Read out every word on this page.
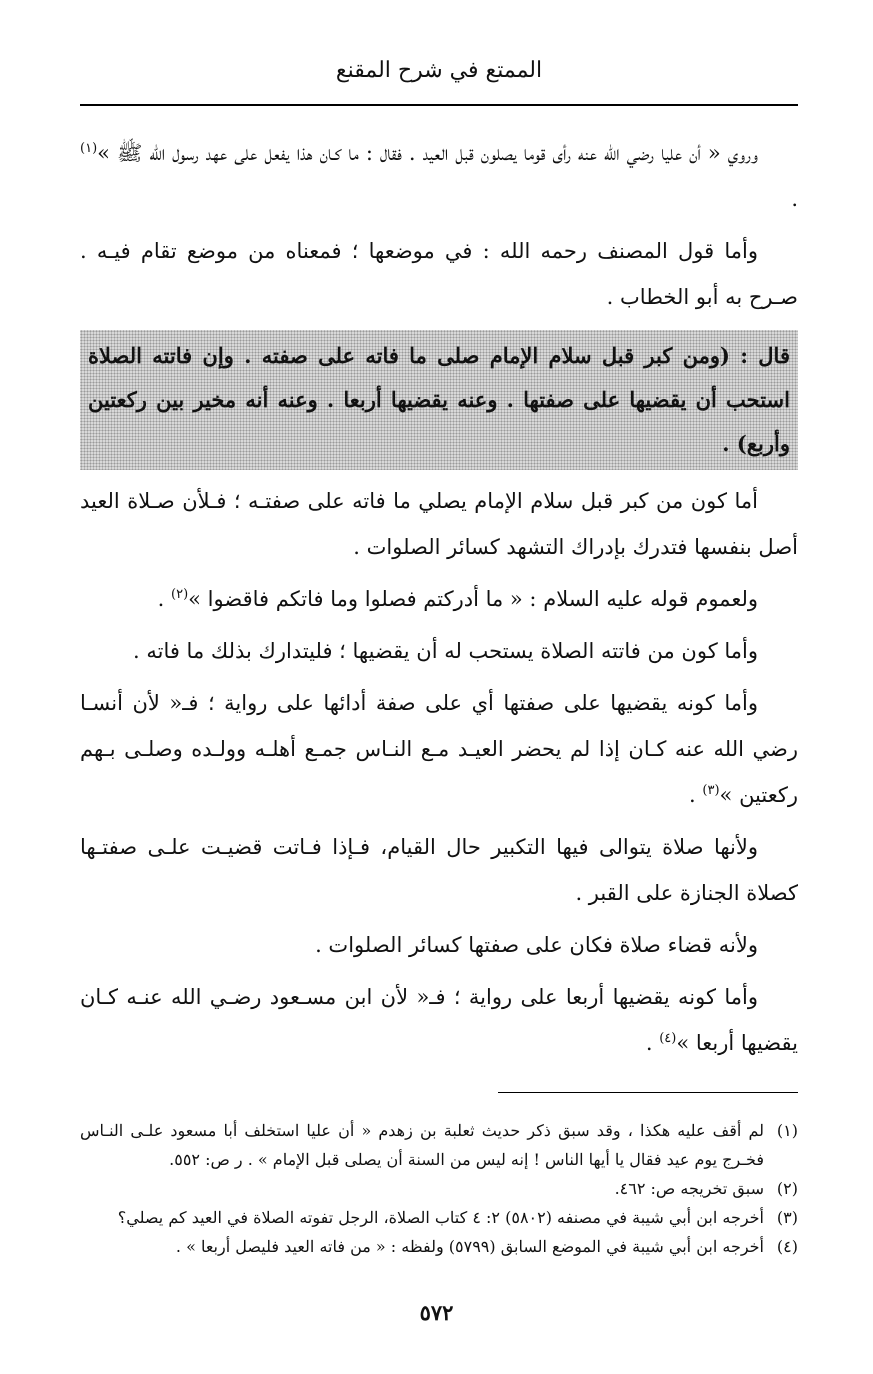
الممتع في شرح المقنع

وروي « أن عليا رضي الله عنه رأى قوما يصلون قبل العيد . فقال : ما كـان هذا يفعل على عهد رسول الله ﷺ »$^{(١)}$ .

وأما قول المصنف رحمه الله : في موضعها ؛ فمعناه من موضع تقام فيـه . صـرح به أبو الخطاب .

قال : (ومن كبر قبل سلام الإمام صلى ما فاته على صفته . وإن فاتته الصلاة استحب أن يقضيها على صفتها . وعنه يقضيها أربعا . وعنه أنه مخير بين ركعتين وأربع) .

أما كون من كبر قبل سلام الإمام يصلي ما فاته على صفتـه ؛ فـلأن صـلاة العيد أصل بنفسها فتدرك بإدراك التشهد كسائر الصلوات .

ولعموم قوله عليه السلام : « ما أدركتم فصلوا وما فاتكم فاقضوا »$^{(٢)}$ .

وأما كون من فاتته الصلاة يستحب له أن يقضيها ؛ فليتدارك بذلك ما فاته .

وأما كونه يقضيها على صفتها أي على صفة أدائها على رواية ؛ فـ« لأن أنسـا رضي الله عنه كـان إذا لم يحضر العيـد مـع النـاس جمـع أهلـه وولـده وصلـى بـهم ركعتين »$^{(٣)}$ .

ولأنها صلاة يتوالى فيها التكبير حال القيام، فـإذا فـاتت قضيـت علـى صفتـها كصلاة الجنازة على القبر .

ولأنه قضاء صلاة فكان على صفتها كسائر الصلوات .

وأما كونه يقضيها أربعا على رواية ؛ فـ« لأن ابن مسـعود رضـي الله عنـه كـان يقضيها أربعا »$^{(٤)}$ .

(١)
لم أقف عليه هكذا ، وقد سبق ذكر حديث ثعلبة بن زهدم « أن عليا استخلف أبا مسعود علـى النـاس فخـرج يوم عيد فقال يا أيها الناس ! إنه ليس من السنة أن يصلى قبل الإمام » . ر ص: ٥٥٢.

(٢)
سبق تخريجه ص: ٤٦٢.

(٣)
أخرجه ابن أبي شيبة في مصنفه (٥٨٠٢) ٢: ٤ كتاب الصلاة، الرجل تفوته الصلاة في العيد كم يصلي؟

(٤)
أخرجه ابن أبي شيبة في الموضع السابق (٥٧٩٩) ولفظه : « من فاته العيد فليصل أربعا » .

٥٧٢
